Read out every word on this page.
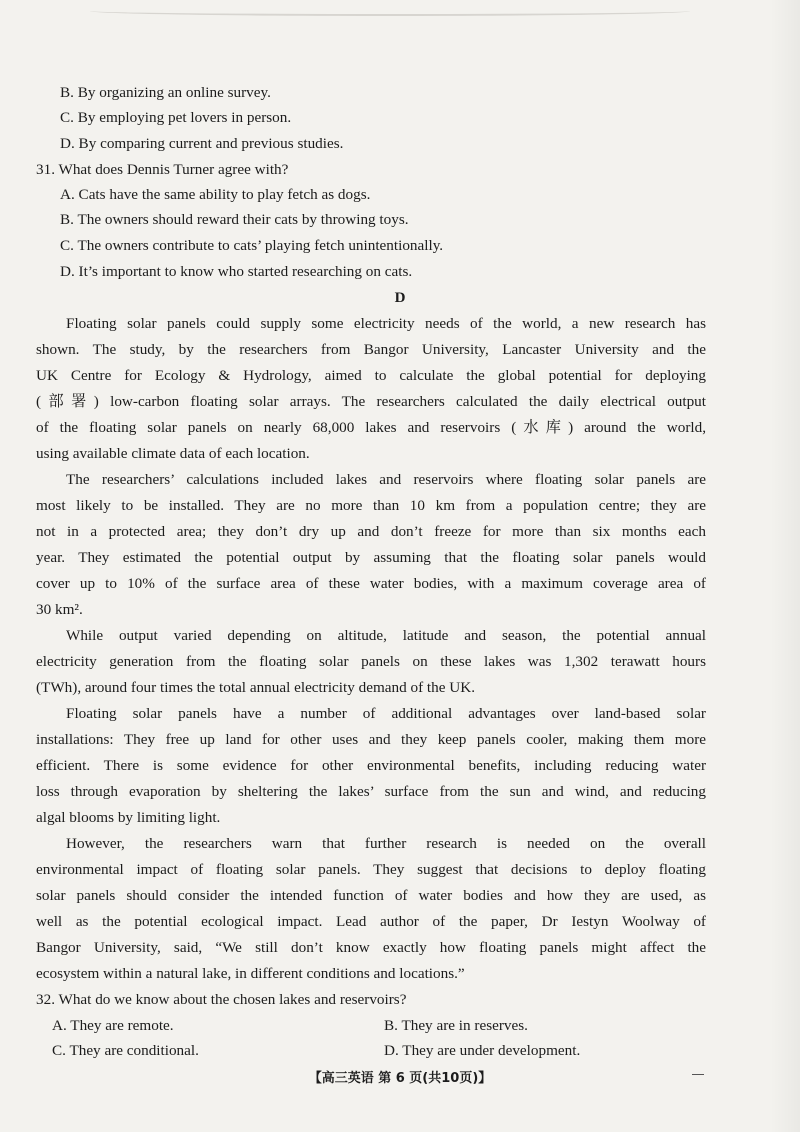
B. By organizing an online survey.

C. By employing pet lovers in person.

D. By comparing current and previous studies.

31. What does Dennis Turner agree with?

A. Cats have the same ability to play fetch as dogs.

B. The owners should reward their cats by throwing toys.

C. The owners contribute to cats’ playing fetch unintentionally.

D. It’s important to know who started researching on cats.

D

Floating solar panels could supply some electricity needs of the world, a new research has

shown. The study, by the researchers from Bangor University, Lancaster University and the

UK Centre for Ecology & Hydrology, aimed to calculate the global potential for deploying

(部署) low-carbon floating solar arrays. The researchers calculated the daily electrical output

of the floating solar panels on nearly 68,000 lakes and reservoirs (水库) around the world,

using available climate data of each location.

The researchers’ calculations included lakes and reservoirs where floating solar panels are

most likely to be installed. They are no more than 10 km from a population centre; they are

not in a protected area; they don’t dry up and don’t freeze for more than six months each

year. They estimated the potential output by assuming that the floating solar panels would

cover up to 10% of the surface area of these water bodies, with a maximum coverage area of

30 km².

While output varied depending on altitude, latitude and season, the potential annual

electricity generation from the floating solar panels on these lakes was 1,302 terawatt hours

(TWh), around four times the total annual electricity demand of the UK.

Floating solar panels have a number of additional advantages over land-based solar

installations: They free up land for other uses and they keep panels cooler, making them more

efficient. There is some evidence for other environmental benefits, including reducing water

loss through evaporation by sheltering the lakes’ surface from the sun and wind, and reducing

algal blooms by limiting light.

However, the researchers warn that further research is needed on the overall

environmental impact of floating solar panels. They suggest that decisions to deploy floating

solar panels should consider the intended function of water bodies and how they are used, as

well as the potential ecological impact. Lead author of the paper, Dr Iestyn Woolway of

Bangor University, said, “We still don’t know exactly how floating panels might affect the

ecosystem within a natural lake, in different conditions and locations.”

32. What do we know about the chosen lakes and reservoirs?

A. They are remote.	B. They are in reserves.

C. They are conditional.	D. They are under development.

【高三英语 第 6 页(共10页)】
